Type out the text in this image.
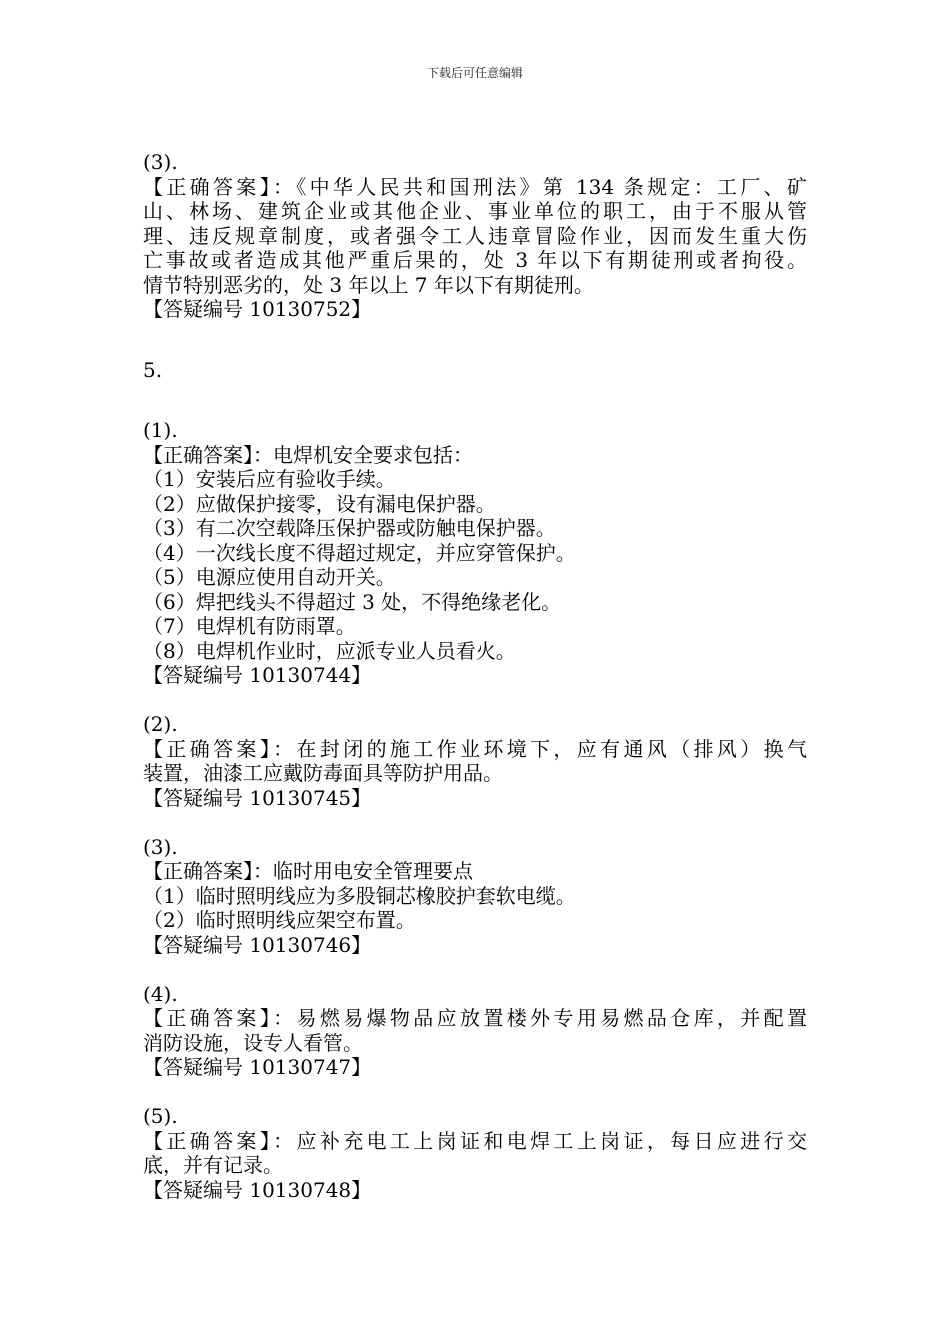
下载后可任意编辑
(3).
【正确答案】：《中华人民共和国刑法》第 134 条规定：工厂、矿
山、林场、建筑企业或其他企业、事业单位的职工，由于不服从管
理、违反规章制度，或者强令工人违章冒险作业，因而发生重大伤
亡事故或者造成其他严重后果的，处 3 年以下有期徒刑或者拘役。
情节特别恶劣的，处 3 年以上 7 年以下有期徒刑。
【答疑编号 10130752】
5.
(1).
【正确答案】：电焊机安全要求包括：
（1）安装后应有验收手续。
（2）应做保护接零，设有漏电保护器。
（3）有二次空载降压保护器或防触电保护器。
（4）一次线长度不得超过规定，并应穿管保护。
（5）电源应使用自动开关。
（6）焊把线头不得超过 3 处，不得绝缘老化。
（7）电焊机有防雨罩。
（8）电焊机作业时，应派专业人员看火。
【答疑编号 10130744】
(2).
【正确答案】：在封闭的施工作业环境下，应有通风（排风）换气
装置，油漆工应戴防毒面具等防护用品。
【答疑编号 10130745】
(3).
【正确答案】：临时用电安全管理要点
（1）临时照明线应为多股铜芯橡胶护套软电缆。
（2）临时照明线应架空布置。
【答疑编号 10130746】
(4).
【正确答案】：易燃易爆物品应放置楼外专用易燃品仓库，并配置
消防设施，设专人看管。
【答疑编号 10130747】
(5).
【正确答案】：应补充电工上岗证和电焊工上岗证，每日应进行交
底，并有记录。
【答疑编号 10130748】
